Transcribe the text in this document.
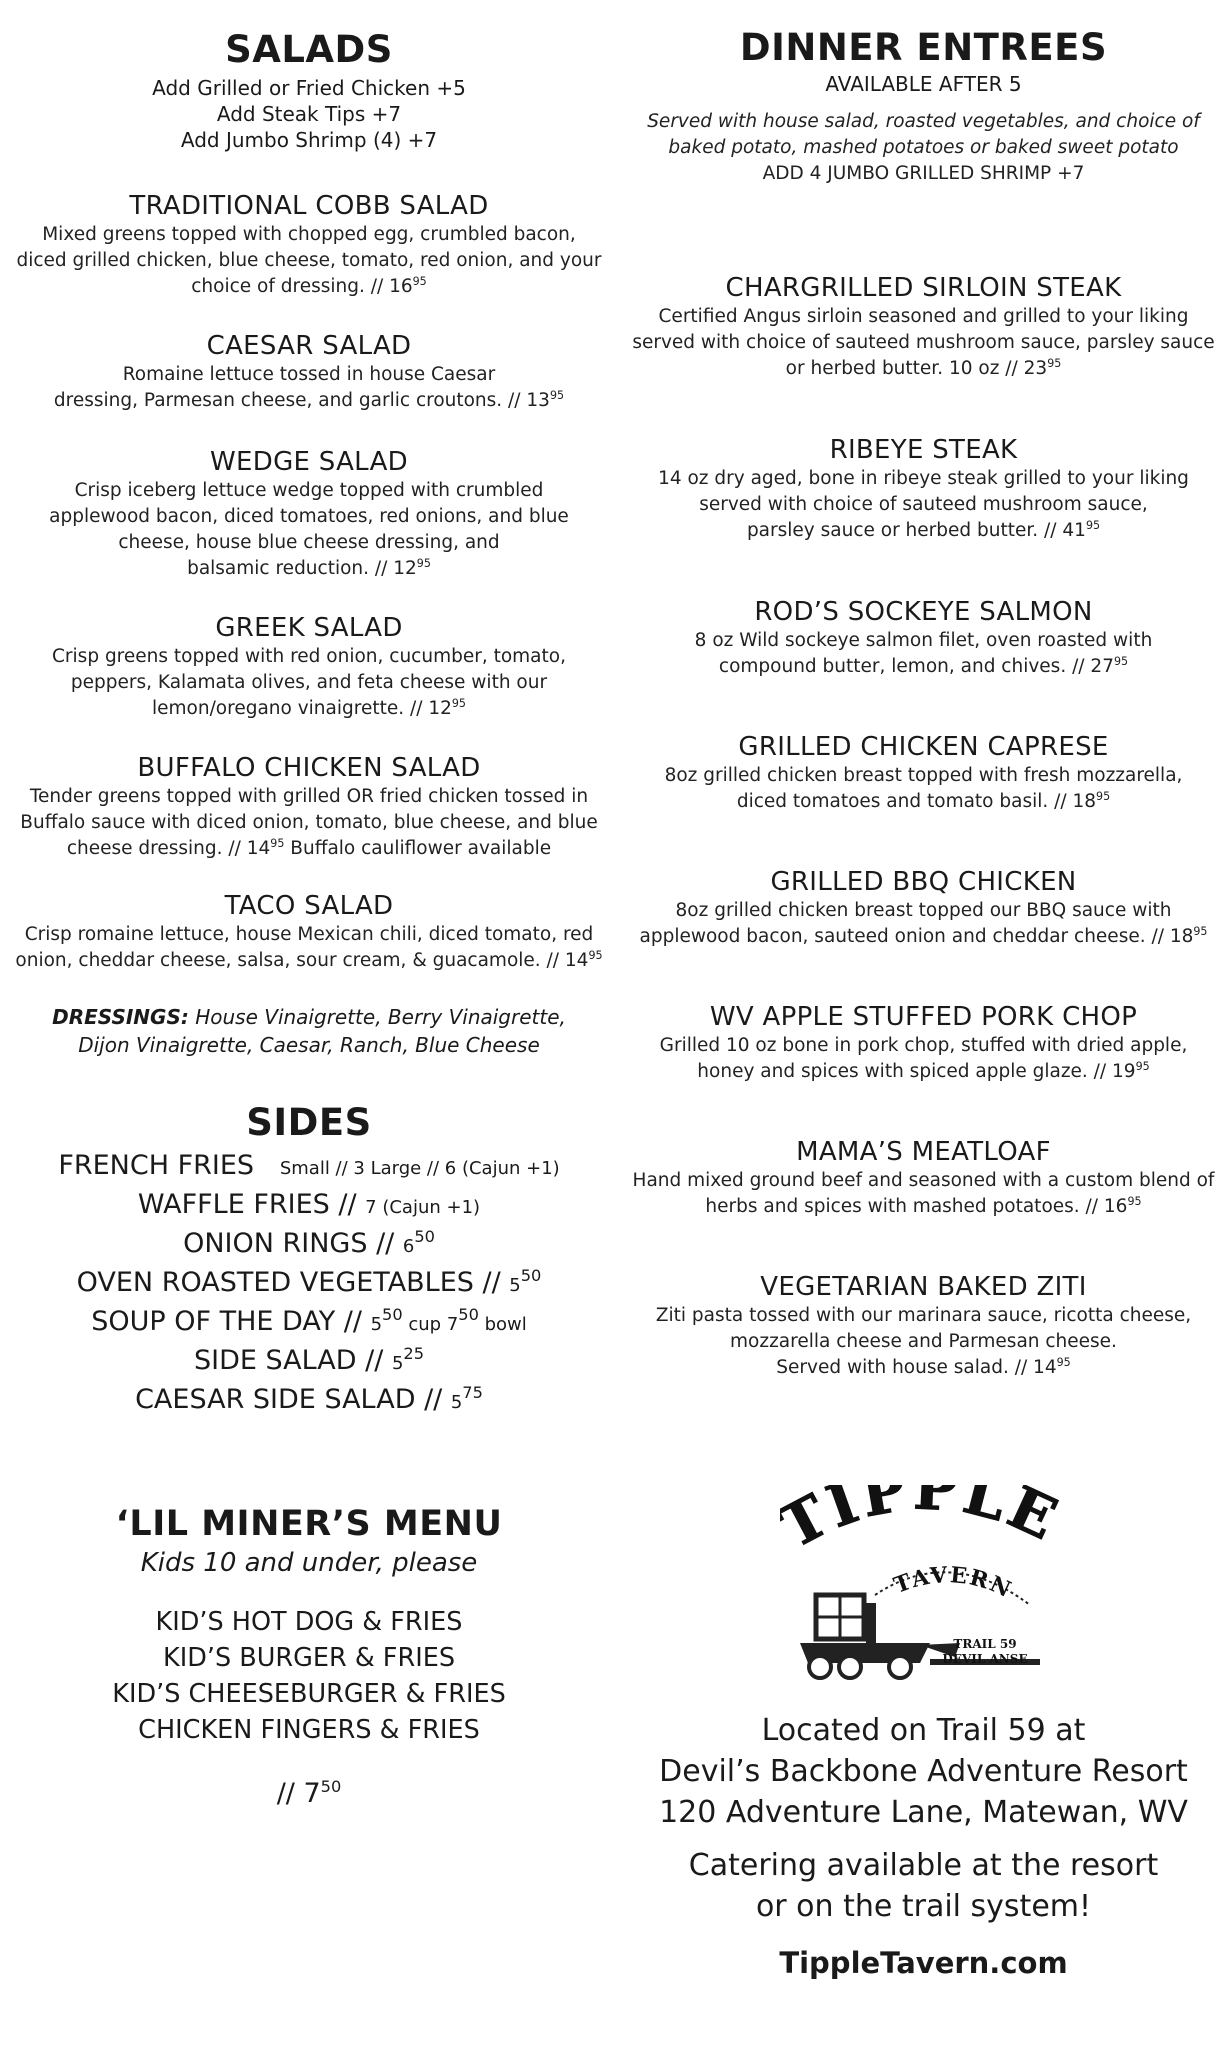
SALADS
Add Grilled or Fried Chicken +5
Add Steak Tips +7
Add Jumbo Shrimp (4) +7
TRADITIONAL COBB SALAD
Mixed greens topped with chopped egg, crumbled bacon,
diced grilled chicken, blue cheese, tomato, red onion, and your
choice of dressing. // $16^{95}$
CAESAR SALAD
Romaine lettuce tossed in house Caesar
dressing, Parmesan cheese, and garlic croutons. // $13^{95}$
WEDGE SALAD
Crisp iceberg lettuce wedge topped with crumbled
applewood bacon, diced tomatoes, red onions, and blue
cheese, house blue cheese dressing, and
balsamic reduction. // $12^{95}$
GREEK SALAD
Crisp greens topped with red onion, cucumber, tomato,
peppers, Kalamata olives, and feta cheese with our
lemon/oregano vinaigrette. // $12^{95}$
BUFFALO CHICKEN SALAD
Tender greens topped with grilled OR fried chicken tossed in
Buffalo sauce with diced onion, tomato, blue cheese, and blue
cheese dressing. // $14^{95}$ Buffalo cauliflower available
TACO SALAD
Crisp romaine lettuce, house Mexican chili, diced tomato, red
onion, cheddar cheese, salsa, sour cream, & guacamole. // $14^{95}$
DRESSINGS: House Vinaigrette, Berry Vinaigrette,
Dijon Vinaigrette, Caesar, Ranch, Blue Cheese
SIDES
FRENCH FRIES Small // 3 Large // 6 (Cajun +1)
WAFFLE FRIES // 7 (Cajun +1)
ONION RINGS // $6^{50}$
OVEN ROASTED VEGETABLES // $5^{50}$
SOUP OF THE DAY // $5^{50}$ cup $7^{50}$ bowl
SIDE SALAD // $5^{25}$
CAESAR SIDE SALAD // $5^{75}$
‘LIL MINER’S MENU
Kids 10 and under, please
KID’S HOT DOG & FRIES
KID’S BURGER & FRIES
KID’S CHEESEBURGER & FRIES
CHICKEN FINGERS & FRIES
// $7^{50}$
DINNER ENTREES
AVAILABLE AFTER 5
Served with house salad, roasted vegetables, and choice of
baked potato, mashed potatoes or baked sweet potato
ADD 4 JUMBO GRILLED SHRIMP +7
CHARGRILLED SIRLOIN STEAK
Certified Angus sirloin seasoned and grilled to your liking
served with choice of sauteed mushroom sauce, parsley sauce
or herbed butter. 10 oz // $23^{95}$
RIBEYE STEAK
14 oz dry aged, bone in ribeye steak grilled to your liking
served with choice of sauteed mushroom sauce,
parsley sauce or herbed butter. // $41^{95}$
ROD’S SOCKEYE SALMON
8 oz Wild sockeye salmon filet, oven roasted with
compound butter, lemon, and chives. // $27^{95}$
GRILLED CHICKEN CAPRESE
8oz grilled chicken breast topped with fresh mozzarella,
diced tomatoes and tomato basil. // $18^{95}$
GRILLED BBQ CHICKEN
8oz grilled chicken breast topped our BBQ sauce with
applewood bacon, sauteed onion and cheddar cheese. // $18^{95}$
WV APPLE STUFFED PORK CHOP
Grilled 10 oz bone in pork chop, stuffed with dried apple,
honey and spices with spiced apple glaze. // $19^{95}$
MAMA’S MEATLOAF
Hand mixed ground beef and seasoned with a custom blend of
herbs and spices with mashed potatoes. // $16^{95}$
VEGETARIAN BAKED ZITI
Ziti pasta tossed with our marinara sauce, ricotta cheese,
mozzarella cheese and Parmesan cheese.
Served with house salad. // $14^{95}$
Located on Trail 59 at
Devil’s Backbone Adventure Resort
120 Adventure Lane, Matewan, WV
Catering available at the resort
or on the trail system!
TippleTavern.com
IPPLE
TAVERN
TRAIL 59
DEVIL ANSE
